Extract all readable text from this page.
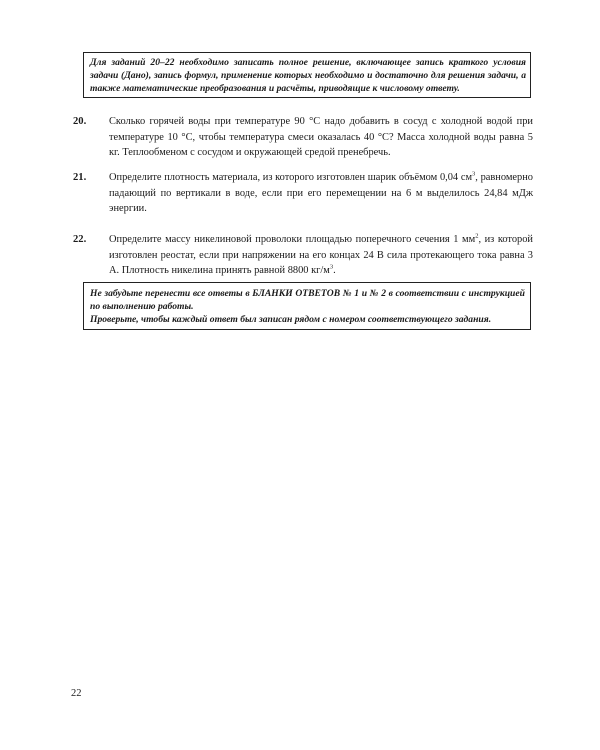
Для заданий 20–22 необходимо записать полное решение, включающее запись краткого условия задачи (Дано), запись формул, применение которых необходимо и достаточно для решения задачи, а также математические преобразования и расчёты, приводящие к числовому ответу.
20. Сколько горячей воды при температуре 90 °С надо добавить в сосуд с холодной водой при температуре 10 °С, чтобы температура смеси оказалась 40 °С? Масса холодной воды равна 5 кг. Теплообменом с сосудом и окружающей средой пренебречь.
21. Определите плотность материала, из которого изготовлен шарик объёмом 0,04 $см^3$, равномерно падающий по вертикали в воде, если при его перемещении на 6 м выделилось 24,84 мДж энергии.
22. Определите массу никелиновой проволоки площадью поперечного сечения 1 $мм^2$, из которой изготовлен реостат, если при напряжении на его концах 24 В сила протекающего тока равна 3 А. Плотность никелина принять равной 8800 $кг/м^3$.

Не забудьте перенести все ответы в БЛАНКИ ОТВЕТОВ № 1 и № 2 в соответствии с инструкцией по выполнению работы.

Проверьте, чтобы каждый ответ был записан рядом с номером соответствующего задания.

22
